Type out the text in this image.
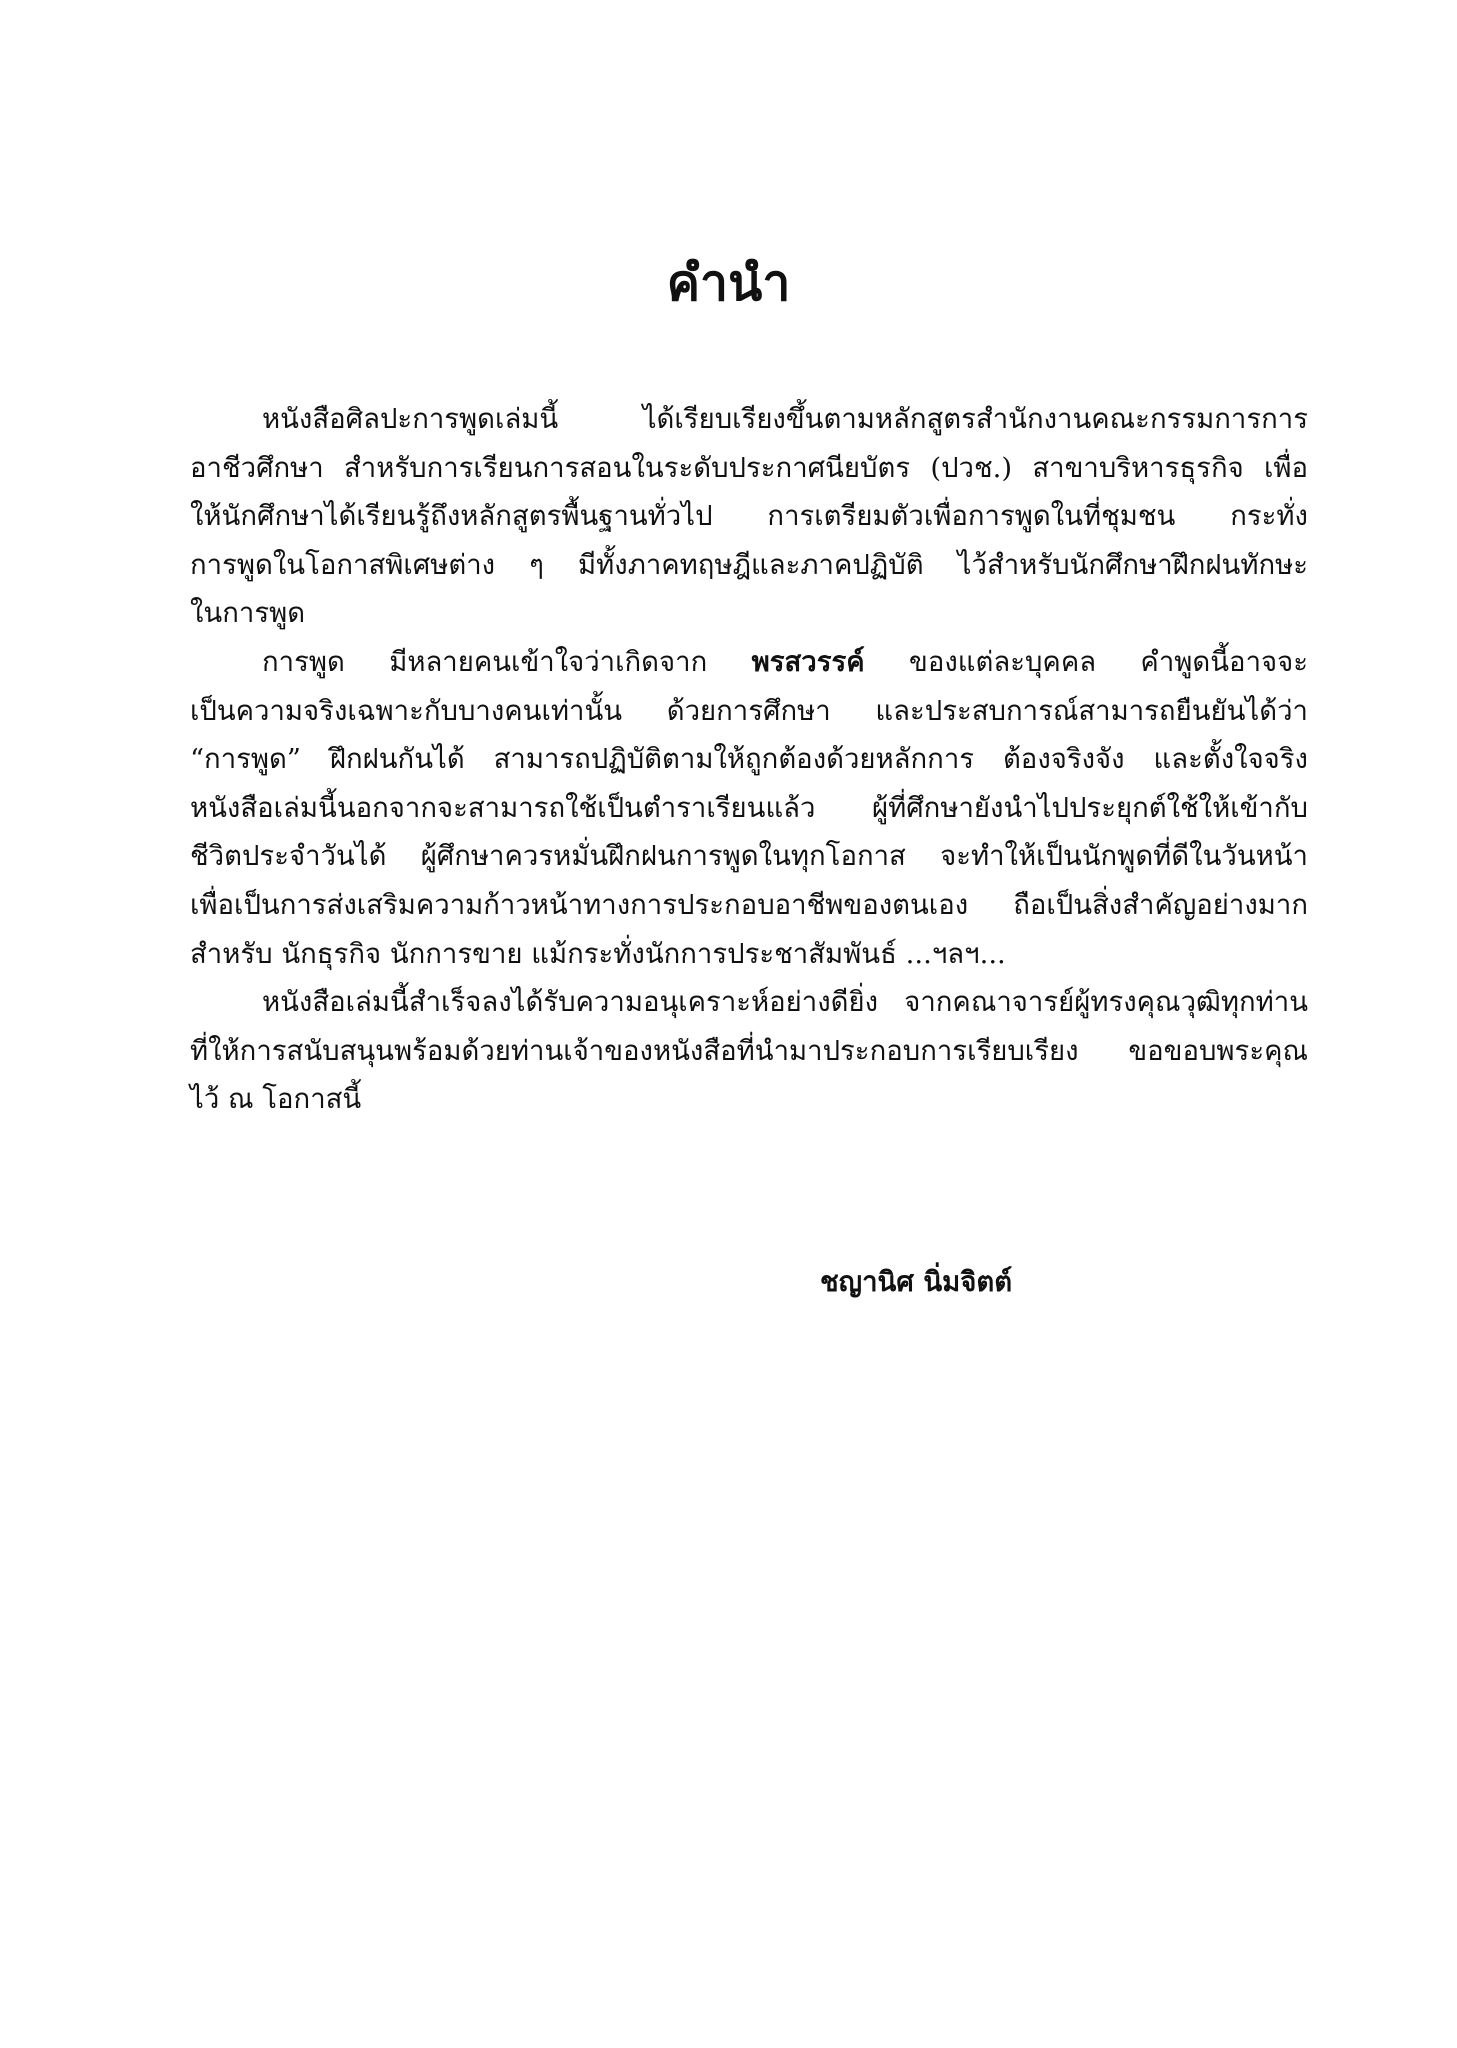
คำนำ

หนังสือศิลปะการพูดเล่มนี้ ได้เรียบเรียงขึ้นตามหลักสูตรสำนักงานคณะกรรมการการ
อาชีวศึกษา สำหรับการเรียนการสอนในระดับประกาศนียบัตร (ปวช.) สาขาบริหารธุรกิจ เพื่อ
ให้นักศึกษาได้เรียนรู้ถึงหลักสูตรพื้นฐานทั่วไป การเตรียมตัวเพื่อการพูดในที่ชุมชน กระทั่ง
การพูดในโอกาสพิเศษต่าง ๆ มีทั้งภาคทฤษฎีและภาคปฏิบัติ ไว้สำหรับนักศึกษาฝึกฝนทักษะ
ในการพูด

การพูด มีหลายคนเข้าใจว่าเกิดจาก พรสวรรค์ ของแต่ละบุคคล คำพูดนี้อาจจะ
เป็นความจริงเฉพาะกับบางคนเท่านั้น ด้วยการศึกษา และประสบการณ์สามารถยืนยันได้ว่า
“การพูด” ฝึกฝนกันได้ สามารถปฏิบัติตามให้ถูกต้องด้วยหลักการ ต้องจริงจัง และตั้งใจจริง
หนังสือเล่มนี้นอกจากจะสามารถใช้เป็นตำราเรียนแล้ว ผู้ที่ศึกษายังนำไปประยุกต์ใช้ให้เข้ากับ
ชีวิตประจำวันได้ ผู้ศึกษาควรหมั่นฝึกฝนการพูดในทุกโอกาส จะทำให้เป็นนักพูดที่ดีในวันหน้า
เพื่อเป็นการส่งเสริมความก้าวหน้าทางการประกอบอาชีพของตนเอง ถือเป็นสิ่งสำคัญอย่างมาก
สำหรับ นักธุรกิจ นักการขาย แม้กระทั่งนักการประชาสัมพันธ์ ...ฯลฯ...

หนังสือเล่มนี้สำเร็จลงได้รับความอนุเคราะห์อย่างดียิ่ง จากคณาจารย์ผู้ทรงคุณวุฒิทุกท่าน
ที่ให้การสนับสนุนพร้อมด้วยท่านเจ้าของหนังสือที่นำมาประกอบการเรียบเรียง ขอขอบพระคุณ
ไว้ ณ โอกาสนี้

ชญานิศ นิ่มจิตต์
